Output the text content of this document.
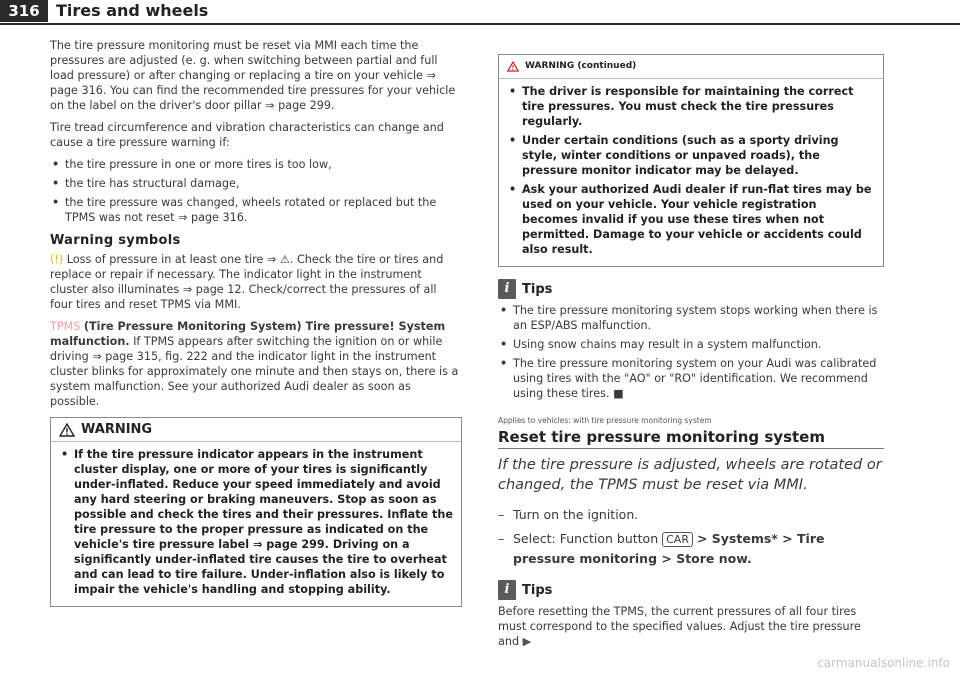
316	Tires and wheels

The tire pressure monitoring must be reset via MMI each time the pressures are adjusted (e. g. when switching between partial and full load pressure) or after changing or replacing a tire on your vehicle ⇒ page 316. You can find the recommended tire pressures for your vehicle on the label on the driver's door pillar ⇒ page 299.

Tire tread circumference and vibration characteristics can change and cause a tire pressure warning if:

• the tire pressure in one or more tires is too low,
• the tire has structural damage,
• the tire pressure was changed, wheels rotated or replaced but the TPMS was not reset ⇒ page 316.
Warning symbols

(!) Loss of pressure in at least one tire ⇒ ⚠. Check the tire or tires and replace or repair if necessary. The indicator light in the instrument cluster also illuminates ⇒ page 12. Check/correct the pressures of all four tires and reset TPMS via MMI.

TPMS (Tire Pressure Monitoring System) Tire pressure! System malfunction. If TPMS appears after switching the ignition on or while driving ⇒ page 315, fig. 222 and the indicator light in the instrument cluster blinks for approximately one minute and then stays on, there is a system malfunction. See your authorized Audi dealer as soon as possible.

WARNING
• If the tire pressure indicator appears in the instrument cluster display, one or more of your tires is significantly under-inflated. Reduce your speed immediately and avoid any hard steering or braking maneuvers. Stop as soon as possible and check the tires and their pressures. Inflate the tire pressure to the proper pressure as indicated on the vehicle's tire pressure label ⇒ page 299. Driving on a significantly under-inflated tire causes the tire to overheat and can lead to tire failure. Under-inflation also is likely to impair the vehicle's handling and stopping ability.
WARNING (continued)
• The driver is responsible for maintaining the correct tire pressures. You must check the tire pressures regularly.
• Under certain conditions (such as a sporty driving style, winter conditions or unpaved roads), the pressure monitor indicator may be delayed.
• Ask your authorized Audi dealer if run-flat tires may be used on your vehicle. Your vehicle registration becomes invalid if you use these tires when not permitted. Damage to your vehicle or accidents could also result.
i Tips
• The tire pressure monitoring system stops working when there is an ESP/ABS malfunction.
• Using snow chains may result in a system malfunction.
• The tire pressure monitoring system on your Audi was calibrated using tires with the "AO" or "RO" identification. We recommend using these tires. ■
Applies to vehicles: with tire pressure monitoring system
Reset tire pressure monitoring system
If the tire pressure is adjusted, wheels are rotated or changed, the TPMS must be reset via MMI.
– Turn on the ignition.
– Select: Function button CAR > Systems* > Tire pressure monitoring > Store now.
i Tips

Before resetting the TPMS, the current pressures of all four tires must correspond to the specified values. Adjust the tire pressure and ▶

carmanualsonline.info
